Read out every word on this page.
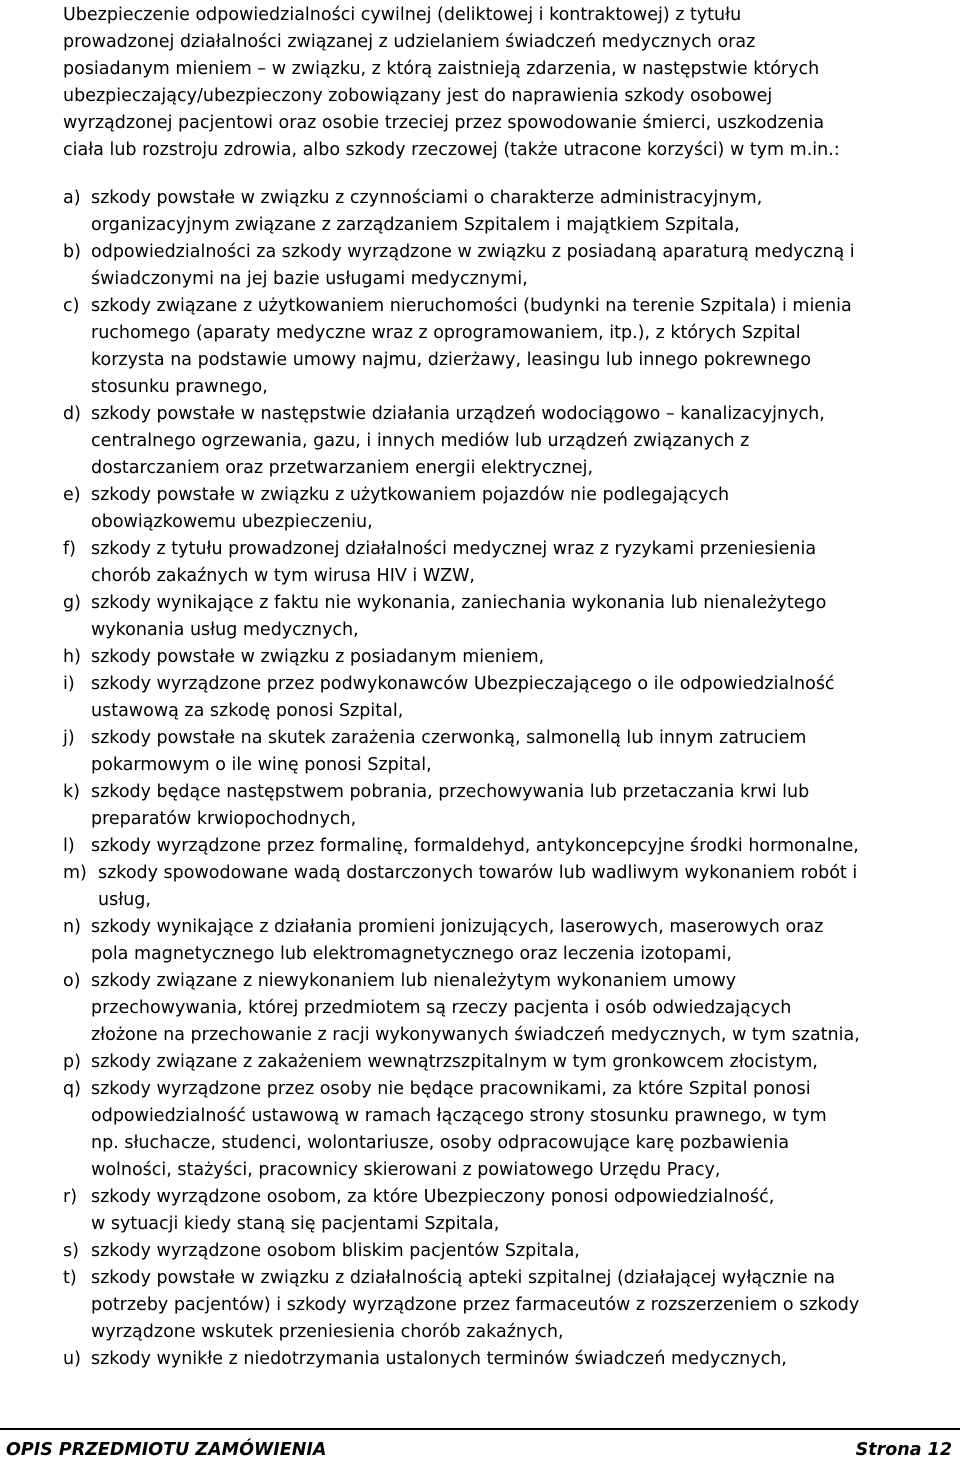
Ubezpieczenie odpowiedzialności cywilnej (deliktowej i kontraktowej) z tytułu
prowadzonej działalności związanej z udzielaniem świadczeń medycznych oraz
posiadanym mieniem – w związku, z którą zaistnieją zdarzenia, w następstwie których
ubezpieczający/ubezpieczony zobowiązany jest do naprawienia szkody osobowej
wyrządzonej pacjentowi oraz osobie trzeciej przez spowodowanie śmierci, uszkodzenia
ciała lub rozstroju zdrowia, albo szkody rzeczowej (także utracone korzyści) w tym m.in.:
a) szkody powstałe w związku z czynnościami o charakterze administracyjnym,
organizacyjnym związane z zarządzaniem Szpitalem i majątkiem Szpitala,
b) odpowiedzialności za szkody wyrządzone w związku z posiadaną aparaturą medyczną i
świadczonymi na jej bazie usługami medycznymi,
c) szkody związane z użytkowaniem nieruchomości (budynki na terenie Szpitala) i mienia
ruchomego (aparaty medyczne wraz z oprogramowaniem, itp.), z których Szpital
korzysta na podstawie umowy najmu, dzierżawy, leasingu lub innego pokrewnego
stosunku prawnego,
d) szkody powstałe w następstwie działania urządzeń wodociągowo – kanalizacyjnych,
centralnego ogrzewania, gazu, i innych mediów lub urządzeń związanych z
dostarczaniem oraz przetwarzaniem energii elektrycznej,
e) szkody powstałe w związku z użytkowaniem pojazdów nie podlegających
obowiązkowemu ubezpieczeniu,
f) szkody z tytułu prowadzonej działalności medycznej wraz z ryzykami przeniesienia
chorób zakaźnych w tym wirusa HIV i WZW,
g) szkody wynikające z faktu nie wykonania, zaniechania wykonania lub nienależytego
wykonania usług medycznych,
h) szkody powstałe w związku z posiadanym mieniem,
i) szkody wyrządzone przez podwykonawców Ubezpieczającego o ile odpowiedzialność
ustawową za szkodę ponosi Szpital,
j) szkody powstałe na skutek zarażenia czerwonką, salmonellą lub innym zatruciem
pokarmowym o ile winę ponosi Szpital,
k) szkody będące następstwem pobrania, przechowywania lub przetaczania krwi lub
preparatów krwiopochodnych,
l) szkody wyrządzone przez formalinę, formaldehyd, antykoncepcyjne środki hormonalne,
m) szkody spowodowane wadą dostarczonych towarów lub wadliwym wykonaniem robót i
usług,
n) szkody wynikające z działania promieni jonizujących, laserowych, maserowych oraz
pola magnetycznego lub elektromagnetycznego oraz leczenia izotopami,
o) szkody związane z niewykonaniem lub nienależytym wykonaniem umowy
przechowywania, której przedmiotem są rzeczy pacjenta i osób odwiedzających
złożone na przechowanie z racji wykonywanych świadczeń medycznych, w tym szatnia,
p) szkody związane z zakażeniem wewnątrzszpitalnym w tym gronkowcem złocistym,
q) szkody wyrządzone przez osoby nie będące pracownikami, za które Szpital ponosi
odpowiedzialność ustawową w ramach łączącego strony stosunku prawnego, w tym
np. słuchacze, studenci, wolontariusze, osoby odpracowujące karę pozbawienia
wolności, stażyści, pracownicy skierowani z powiatowego Urzędu Pracy,
r) szkody wyrządzone osobom, za które Ubezpieczony ponosi odpowiedzialność,
w sytuacji kiedy staną się pacjentami Szpitala,
s) szkody wyrządzone osobom bliskim pacjentów Szpitala,
t) szkody powstałe w związku z działalnością apteki szpitalnej (działającej wyłącznie na
potrzeby pacjentów) i szkody wyrządzone przez farmaceutów z rozszerzeniem o szkody
wyrządzone wskutek przeniesienia chorób zakaźnych,
u) szkody wynikłe z niedotrzymania ustalonych terminów świadczeń medycznych,
OPIS PRZEDMIOTU ZAMÓWIENIA	Strona 12
